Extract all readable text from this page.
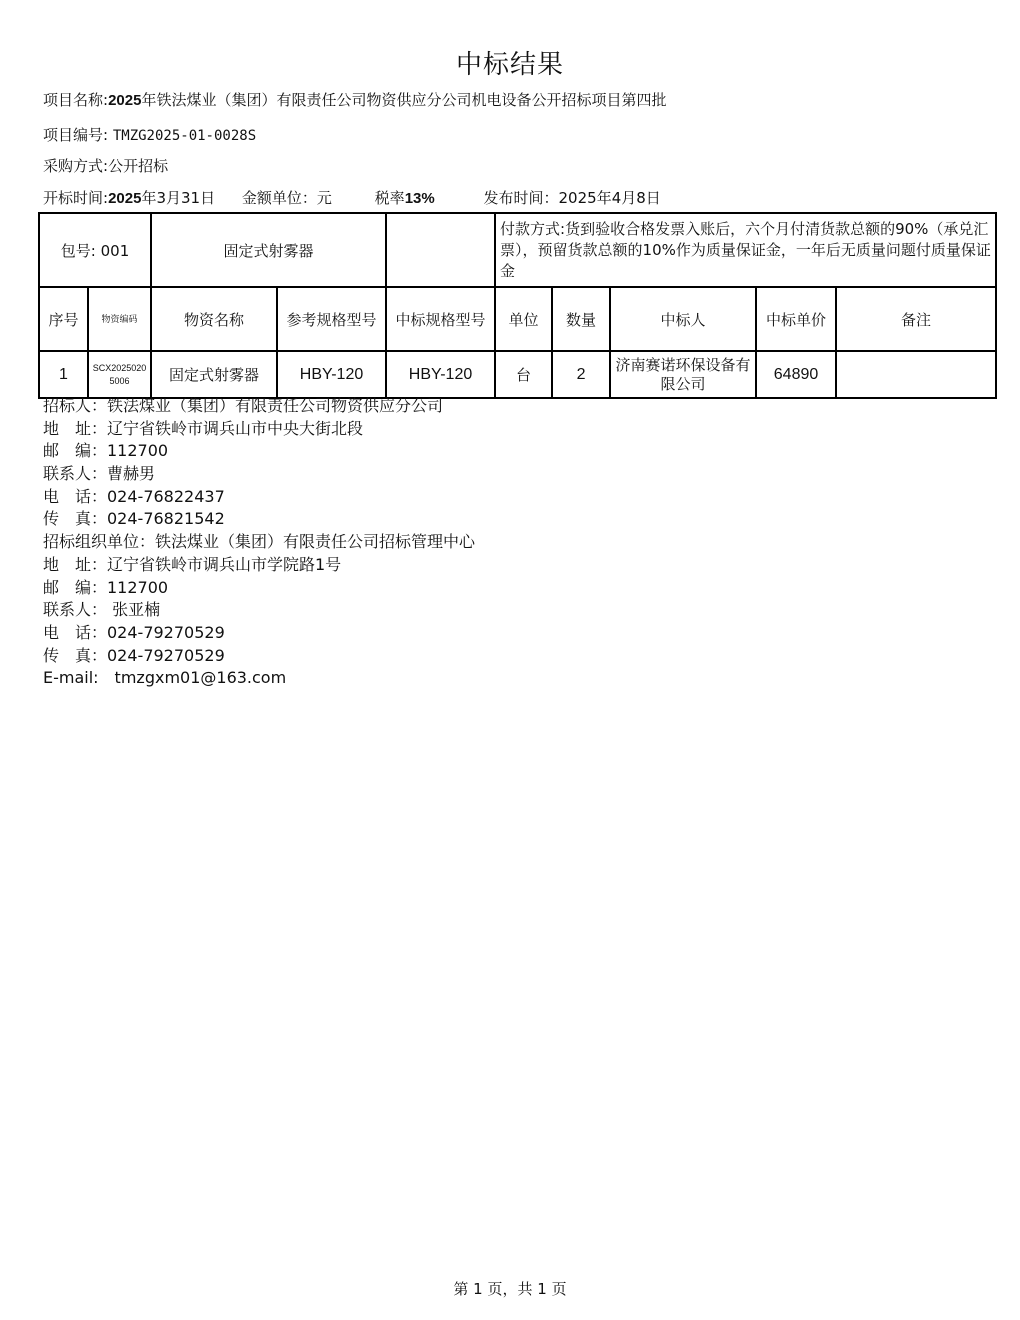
中标结果
项目名称:2025年铁法煤业（集团）有限责任公司物资供应分公司机电设备公开招标项目第四批
项目编号: TMZG2025-01-0028S
采购方式:公开招标
开标时间:2025年3月31日 金额单位：元	税率13%	发布时间：2025年4月8日
包号: 001		固定式射雾器			付款方式:货到验收合格发票入账后，六个月付清货款总额的90%（承兑汇票），预留货款总额的10%作为质量保证金，一年后无质量问题付质量保证金				
序号	物资编码	物资名称	参考规格型号	中标规格型号	单位	数量	中标人	中标单价	备注
1	SCX20250205006	固定式射雾器	HBY-120	HBY-120	台	2	济南赛诺环保设备有限公司	64890	
招标人：铁法煤业（集团）有限责任公司物资供应分公司
地　址：辽宁省铁岭市调兵山市中央大街北段
邮　编：112700
联系人：曹赫男
电　话：024-76822437
传　真：024-76821542
招标组织单位：铁法煤业（集团）有限责任公司招标管理中心
地　址：辽宁省铁岭市调兵山市学院路1号
邮　编：112700
联系人： 张亚楠
电　话：024-79270529
传　真：024-79270529
E-mail:　tmzgxm01@163.com
第 1 页，共 1 页
